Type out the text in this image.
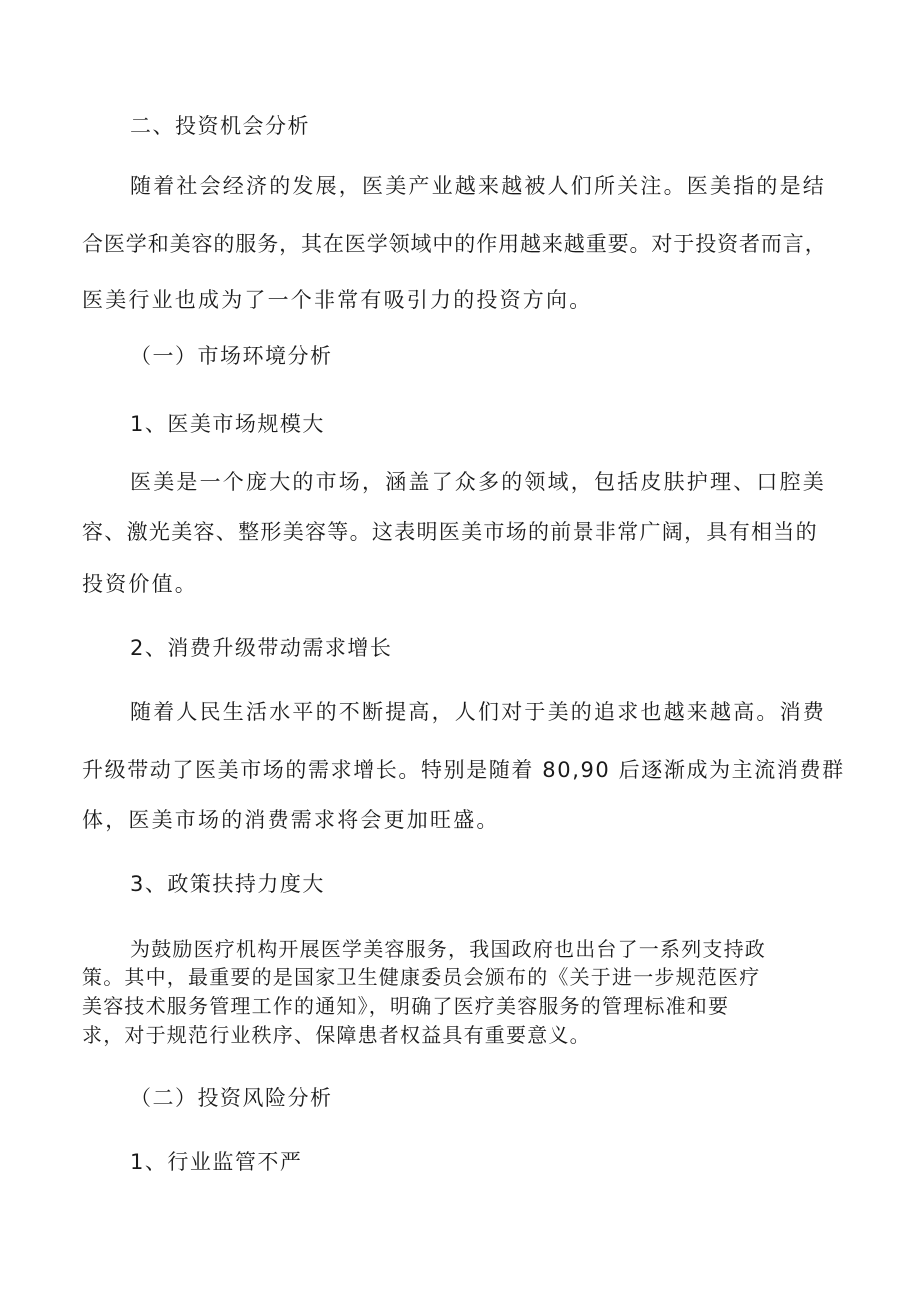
二、投资机会分析
随着社会经济的发展，医美产业越来越被人们所关注。医美指的是结
合医学和美容的服务，其在医学领域中的作用越来越重要。对于投资者而言，
医美行业也成为了一个非常有吸引力的投资方向。
（一）市场环境分析
1、医美市场规模大
医美是一个庞大的市场，涵盖了众多的领域，包括皮肤护理、口腔美
容、激光美容、整形美容等。这表明医美市场的前景非常广阔，具有相当的
投资价值。
2、消费升级带动需求增长
随着人民生活水平的不断提高，人们对于美的追求也越来越高。消费
升级带动了医美市场的需求增长。特别是随着 80,90 后逐渐成为主流消费群
体，医美市场的消费需求将会更加旺盛。
3、政策扶持力度大
为鼓励医疗机构开展医学美容服务，我国政府也出台了一系列支持政
策。其中，最重要的是国家卫生健康委员会颁布的《关于进一步规范医疗
美容技术服务管理工作的通知》，明确了医疗美容服务的管理标准和要
求，对于规范行业秩序、保障患者权益具有重要意义。
（二）投资风险分析
1、行业监管不严
